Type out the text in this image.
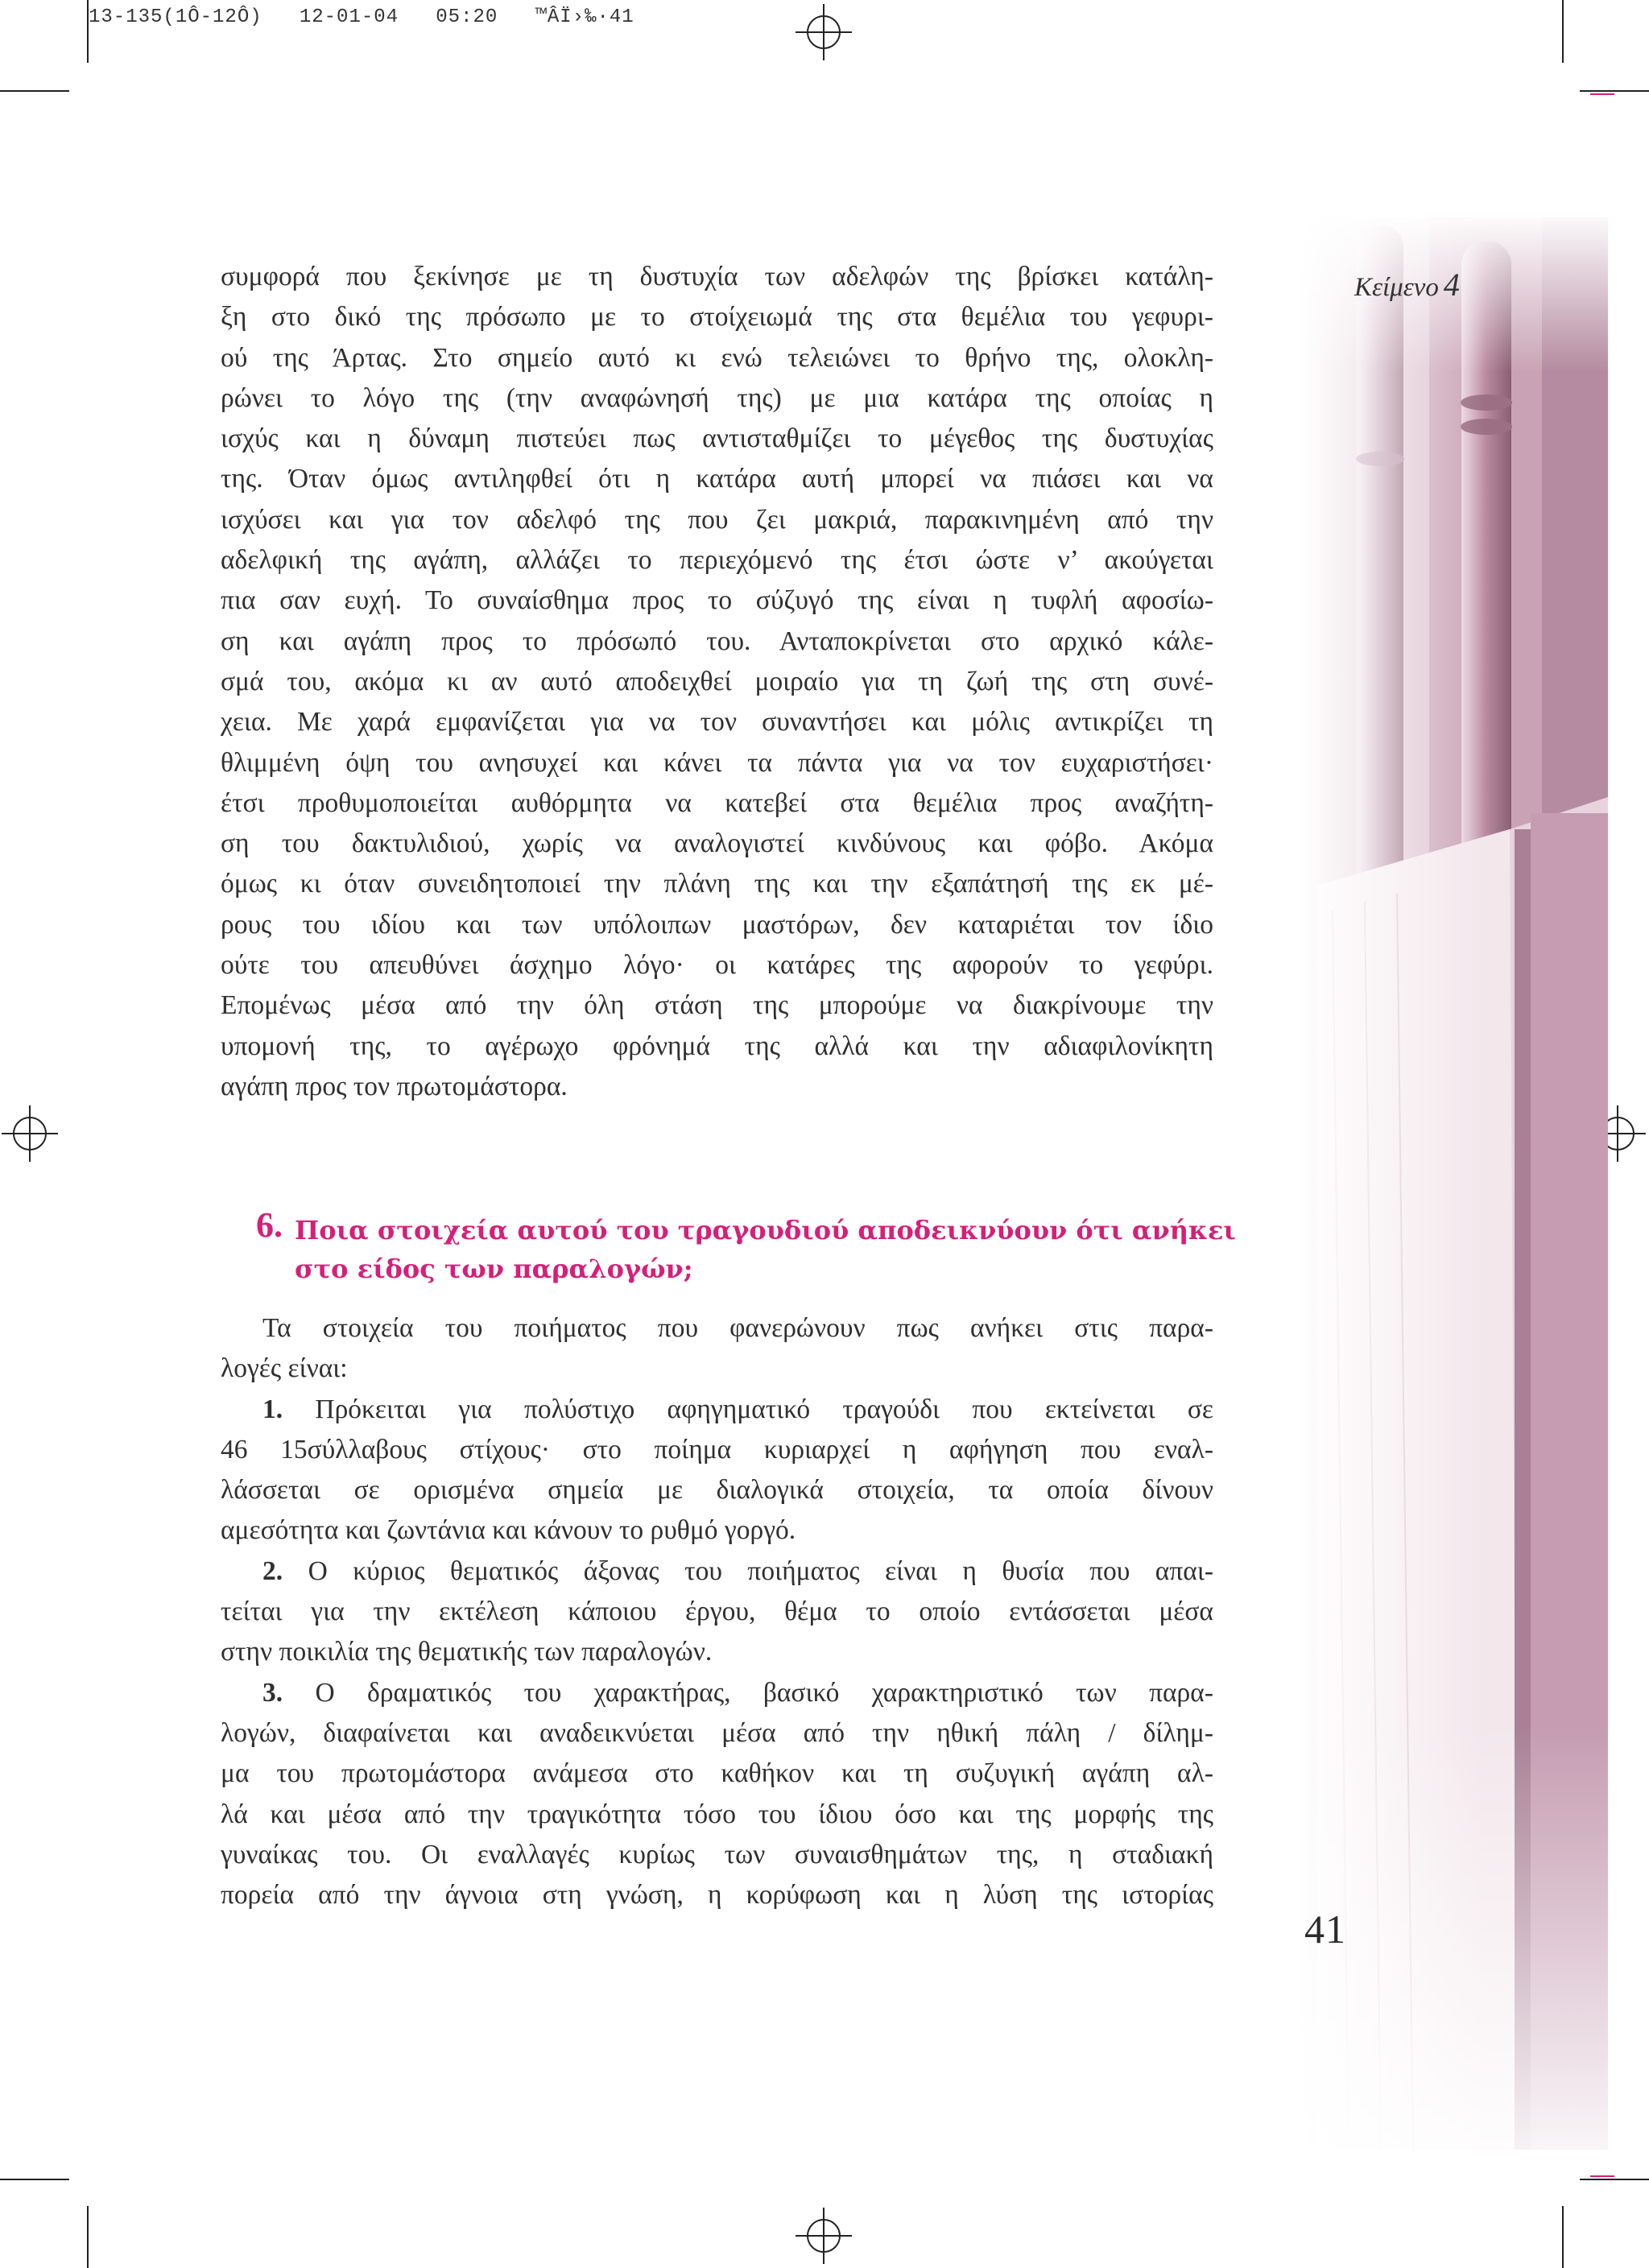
13-135(1Ô-12Ô)   12-01-04   05:20   ™ÂÏ›‰·41
Κείμενο 4
41

συμφορά που ξεκίνησε με τη δυστυχία των αδελφών της βρίσκει κατάλη-

ξη στο δικό της πρόσωπο με το στοίχειωμά της στα θεμέλια του γεφυρι-

ού της Άρτας. Στο σημείο αυτό κι ενώ τελειώνει το θρήνο της, ολοκλη-

ρώνει το λόγο της (την αναφώνησή της) με μια κατάρα της οποίας η

ισχύς και η δύναμη πιστεύει πως αντισταθμίζει το μέγεθος της δυστυχίας

της. Όταν όμως αντιληφθεί ότι η κατάρα αυτή μπορεί να πιάσει και να

ισχύσει και για τον αδελφό της που ζει μακριά, παρακινημένη από την

αδελφική της αγάπη, αλλάζει το περιεχόμενό της έτσι ώστε ν’ ακούγεται

πια σαν ευχή. Το συναίσθημα προς το σύζυγό της είναι η τυφλή αφοσίω-

ση και αγάπη προς το πρόσωπό του. Ανταποκρίνεται στο αρχικό κάλε-

σμά του, ακόμα κι αν αυτό αποδειχθεί μοιραίο για τη ζωή της στη συνέ-

χεια. Με χαρά εμφανίζεται για να τον συναντήσει και μόλις αντικρίζει τη

θλιμμένη όψη του ανησυχεί και κάνει τα πάντα για να τον ευχαριστήσει·

έτσι προθυμοποιείται αυθόρμητα να κατεβεί στα θεμέλια προς αναζήτη-

ση του δακτυλιδιού, χωρίς να αναλογιστεί κινδύνους και φόβο. Ακόμα

όμως κι όταν συνειδητοποιεί την πλάνη της και την εξαπάτησή της εκ μέ-

ρους του ιδίου και των υπόλοιπων μαστόρων, δεν καταριέται τον ίδιο

ούτε του απευθύνει άσχημο λόγο· οι κατάρες της αφορούν το γεφύρι.

Επομένως μέσα από την όλη στάση της μπορούμε να διακρίνουμε την

υπομονή της, το αγέρωχο φρόνημά της αλλά και την αδιαφιλονίκητη

αγάπη προς τον πρωτομάστορα.

6. Ποια στοιχεία αυτού του τραγουδιού αποδεικνύουν ότι ανήκει
στο είδος των παραλογών;

Τα στοιχεία του ποιήματος που φανερώνουν πως ανήκει στις παρα-

λογές είναι:

1. Πρόκειται για πολύστιχο αφηγηματικό τραγούδι που εκτείνεται σε

46 15σύλλαβους στίχους· στο ποίημα κυριαρχεί η αφήγηση που εναλ-

λάσσεται σε ορισμένα σημεία με διαλογικά στοιχεία, τα οποία δίνουν

αμεσότητα και ζωντάνια και κάνουν το ρυθμό γοργό.

2. Ο κύριος θεματικός άξονας του ποιήματος είναι η θυσία που απαι-

τείται για την εκτέλεση κάποιου έργου, θέμα το οποίο εντάσσεται μέσα

στην ποικιλία της θεματικής των παραλογών.

3. Ο δραματικός του χαρακτήρας, βασικό χαρακτηριστικό των παρα-

λογών, διαφαίνεται και αναδεικνύεται μέσα από την ηθική πάλη / δίλημ-

μα του πρωτομάστορα ανάμεσα στο καθήκον και τη συζυγική αγάπη αλ-

λά και μέσα από την τραγικότητα τόσο του ίδιου όσο και της μορφής της

γυναίκας του. Οι εναλλαγές κυρίως των συναισθημάτων της, η σταδιακή

πορεία από την άγνοια στη γνώση, η κορύφωση και η λύση της ιστορίας
